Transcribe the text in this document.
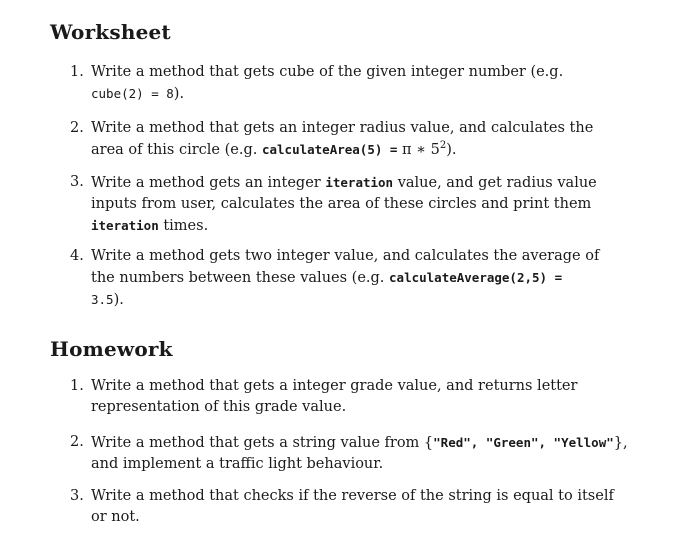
Worksheet
1. Write a method that gets cube of the given integer number (e.g.
cube(2) = 8).
2. Write a method that gets an integer radius value, and calculates the
area of this circle (e.g. calculateArea(5) = π ∗ $5^2$).
3. Write a method gets an integer iteration value, and get radius value
inputs from user, calculates the area of these circles and print them
iteration times.
4. Write a method gets two integer value, and calculates the average of
the numbers between these values (e.g. calculateAverage(2,5) =
3.5).
Homework
1. Write a method that gets a integer grade value, and returns letter
representation of this grade value.
2. Write a method that gets a string value from {"Red", "Green", "Yellow"},
and implement a traffic light behaviour.
3. Write a method that checks if the reverse of the string is equal to itself
or not.
